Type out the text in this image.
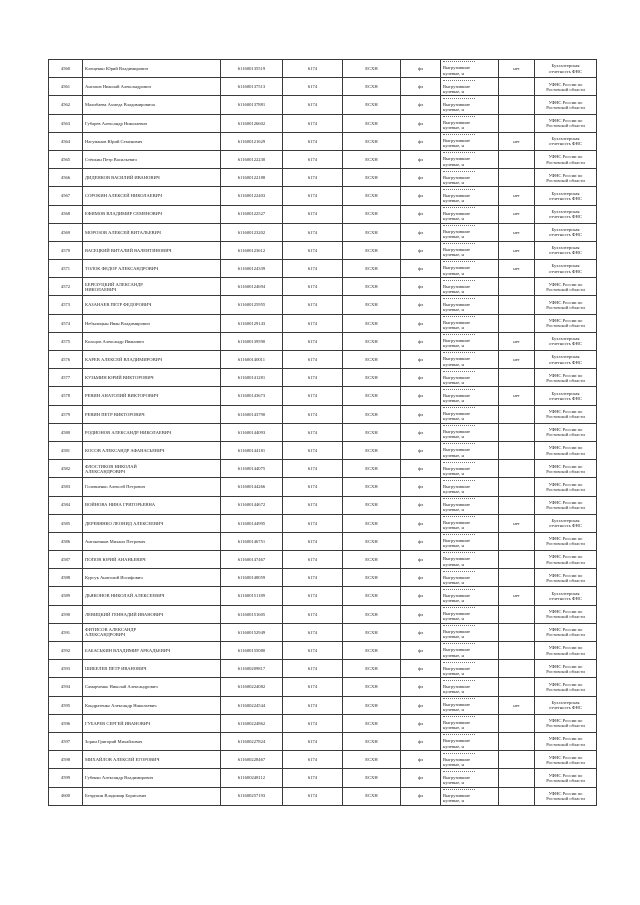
4560	Клещенко Юрий Владимирович	611600135519	6174	ЕСХН	фл	Выгрузившие
нулевые, н	нет	Бухгалтерская
отчетность ФНС
4561	Ангапов Николай Александрович	611600137513	6174	ЕСХН	фл	Выгрузившие
нулевые, н		УФНС России по
Ростовской области
4562	Махибаева Ахмеда Владимировича	611600137881	6174	ЕСХН	фл	Выгрузившие
нулевые, н		УФНС России по
Ростовской области
4563	Губарев Александр Николаевич	611600126602	6174	ЕСХН	фл	Выгрузившие
нулевые, н		УФНС России по
Ростовской области
4564	Нагуманов Юрий Семенович	611600121629	6174	ЕСХН	фл	Выгрузившие
нулевые, н	нет	Бухгалтерская
отчетность ФНС
4565	Стёпкин Петр Васильевич	611600122230	6174	ЕСХН	фл	Выгрузившие
нулевые, н		УФНС России по
Ростовской области
4566	ДИДЕНКОВ ВАСИЛИЙ ИВАНОВИЧ	611600122188	6174	ЕСХН	фл	Выгрузившие
нулевые, н		УФНС России по
Ростовской области
4567	СОРОКИН АЛЕКСЕЙ НИКОЛАЕВИЧ	611600122403	6174	ЕСХН	фл	Выгрузившие
нулевые, н	нет	Бухгалтерская
отчетность ФНС
4568	ЕФИМОВ ВЛАДИМИР СЕМЕНОВИЧ	611600122527	6174	ЕСХН	фл	Выгрузившие
нулевые, н	нет	Бухгалтерская
отчетность ФНС
4569	МОРОЗОВ АЛЕКСЕЙ ВИТАЛЬЕВИЧ	611600123202	6174	ЕСХН	фл	Выгрузившие
нулевые, н	нет	Бухгалтерская
отчетность ФНС
4570	ВАСЕЦКИЙ ВИТАЛИЙ ВАЛЕНТИНОВИЧ	611600123612	6174	ЕСХН	фл	Выгрузившие
нулевые, н	нет	Бухгалтерская
отчетность ФНС
4571	ТОЛОК ФЕДОР АЛЕКСАНДРОВИЧ	611600124339	6174	ЕСХН	фл	Выгрузившие
нулевые, н	нет	Бухгалтерская
отчетность ФНС
4572	БЕРЕЗУЦКИЙ АЛЕКСАНДР
НИКОЛАЕВИЧ	611600124694	6174	ЕСХН	фл	Выгрузившие
нулевые, н		УФНС России по
Ростовской области
4573	КАЗАНАЕВ ПЕТР ФЕДОРОВИЧ	611600125955	6174	ЕСХН	фл	Выгрузившие
нулевые, н		УФНС России по
Ростовской области
4574	Небылицын Иван Владимирович	611600129143	6174	ЕСХН	фл	Выгрузившие
нулевые, н		УФНС России по
Ростовской области
4575	Кольцов Александр Иванович	611600139590	6174	ЕСХН	фл	Выгрузившие
нулевые, н	нет	Бухгалтерская
отчетность ФНС
4576	КАРЕВ АЛЕКСЕЙ ВЛАДИМИРОВИЧ	611600140011	6174	ЕСХН	фл	Выгрузившие
нулевые, н	нет	Бухгалтерская
отчетность ФНС
4577	КУЗЬМИН ЮРИЙ ВИКТОРОВИЧ	611600141281	6174	ЕСХН	фл	Выгрузившие
нулевые, н		УФНС России по
Ростовской области
4578	РЕВИН АНАТОЛИЙ ВИКТОРОВИЧ	611600143673	6174	ЕСХН	фл	Выгрузившие
нулевые, н	нет	Бухгалтерская
отчетность ФНС
4579	РЕВИН ПЕТР ВИКТОРОВИЧ	611600143790	6174	ЕСХН	фл	Выгрузившие
нулевые, н		УФНС России по
Ростовской области
4580	РОДИОНОВ АЛЕКСАНДР НИКОЛАЕВИЧ	611600144093	6174	ЕСХН	фл	Выгрузившие
нулевые, н		УФНС России по
Ростовской области
4581	КОСОВ АЛЕКСАНДР АФАНАСЬЕВИЧ	611600144181	6174	ЕСХН	фл	Выгрузившие
нулевые, н		УФНС России по
Ростовской области
4582	ФЛОСТИКОВ НИКОЛАЙ
АЛЕКСАНДРОВИЧ	611600144075	6174	ЕСХН	фл	Выгрузившие
нулевые, н		УФНС России по
Ростовской области
4583	Головненко Алексей Петрович	611600144266	6174	ЕСХН	фл	Выгрузившие
нулевые, н		УФНС России по
Ростовской области
4584	ВОЙНОВА НИНА ГРИГОРЬЕВНА	611600144672	6174	ЕСХН	фл	Выгрузившие
нулевые, н		УФНС России по
Ростовской области
4585	ДЕРЕВЯНКО ЛЕОНИД АЛЕКСЕЕВИЧ	611600144995	6174	ЕСХН	фл	Выгрузившие
нулевые, н	нет	Бухгалтерская
отчетность ФНС
4586	Антоненков Михаил Петрович	611600146751	6174	ЕСХН	фл	Выгрузившие
нулевые, н		УФНС России по
Ростовской области
4587	ПОПОВ ЮРИЙ АНАНЬЕВИЧ	611600147467	6174	ЕСХН	фл	Выгрузившие
нулевые, н		УФНС России по
Ростовской области
4588	Курсук Анатолий Иосифович	611600148059	6174	ЕСХН	фл	Выгрузившие
нулевые, н		УФНС России по
Ростовской области
4589	ДЬЯКОНОВ НИКОЛАЙ АЛЕКСЕЕВИЧ	611600151189	6174	ЕСХН	фл	Выгрузившие
нулевые, н	нет	Бухгалтерская
отчетность ФНС
4590	ЛЕВИЦКИЙ ГЕННАДИЙ ИВАНОВИЧ	611600151605	6174	ЕСХН	фл	Выгрузившие
нулевые, н		УФНС России по
Ростовской области
4591	ФИТИСОВ АЛЕКСАНДР
АЛЕКСАНДРОВИЧ	611600152949	6174	ЕСХН	фл	Выгрузившие
нулевые, н		УФНС России по
Ростовской области
4592	БАБАСЬКИН ВЛАДИМИР АРКАДЬЕВИЧ	611600155080	6174	ЕСХН	фл	Выгрузившие
нулевые, н		УФНС России по
Ростовской области
4593	ШИБЕЛЕВ ПЕТР ИВАНОВИЧ	611600209817	6174	ЕСХН	фл	Выгрузившие
нулевые, н		УФНС России по
Ростовской области
4594	Самарченко Николай Александрович	611600224082	6174	ЕСХН	фл	Выгрузившие
нулевые, н		УФНС России по
Ростовской области
4595	Кондратенко Александр Николаевич	611600224544	6174	ЕСХН	фл	Выгрузившие
нулевые, н	нет	Бухгалтерская
отчетность ФНС
4596	ГУБАРЕВ СЕРГЕЙ ИВАНОВИЧ	611600224862	6174	ЕСХН	фл	Выгрузившие
нулевые, н		УФНС России по
Ростовской области
4597	Зорин Григорий Михайлович	611600227824	6174	ЕСХН	фл	Выгрузившие
нулевые, н		УФНС России по
Ростовской области
4598	МИХАЙЛОВ АЛЕКСЕЙ ЕГОРОВИЧ	611600228467	6174	ЕСХН	фл	Выгрузившие
нулевые, н		УФНС России по
Ростовской области
4599	Губенко Александр Владимирович	611600248112	6174	ЕСХН	фл	Выгрузившие
нулевые, н		УФНС России по
Ростовской области
4600	Безрукин Владимир Борисович	611600257193	6174	ЕСХН	фл	Выгрузившие
нулевые, н		УФНС России по
Ростовской области
